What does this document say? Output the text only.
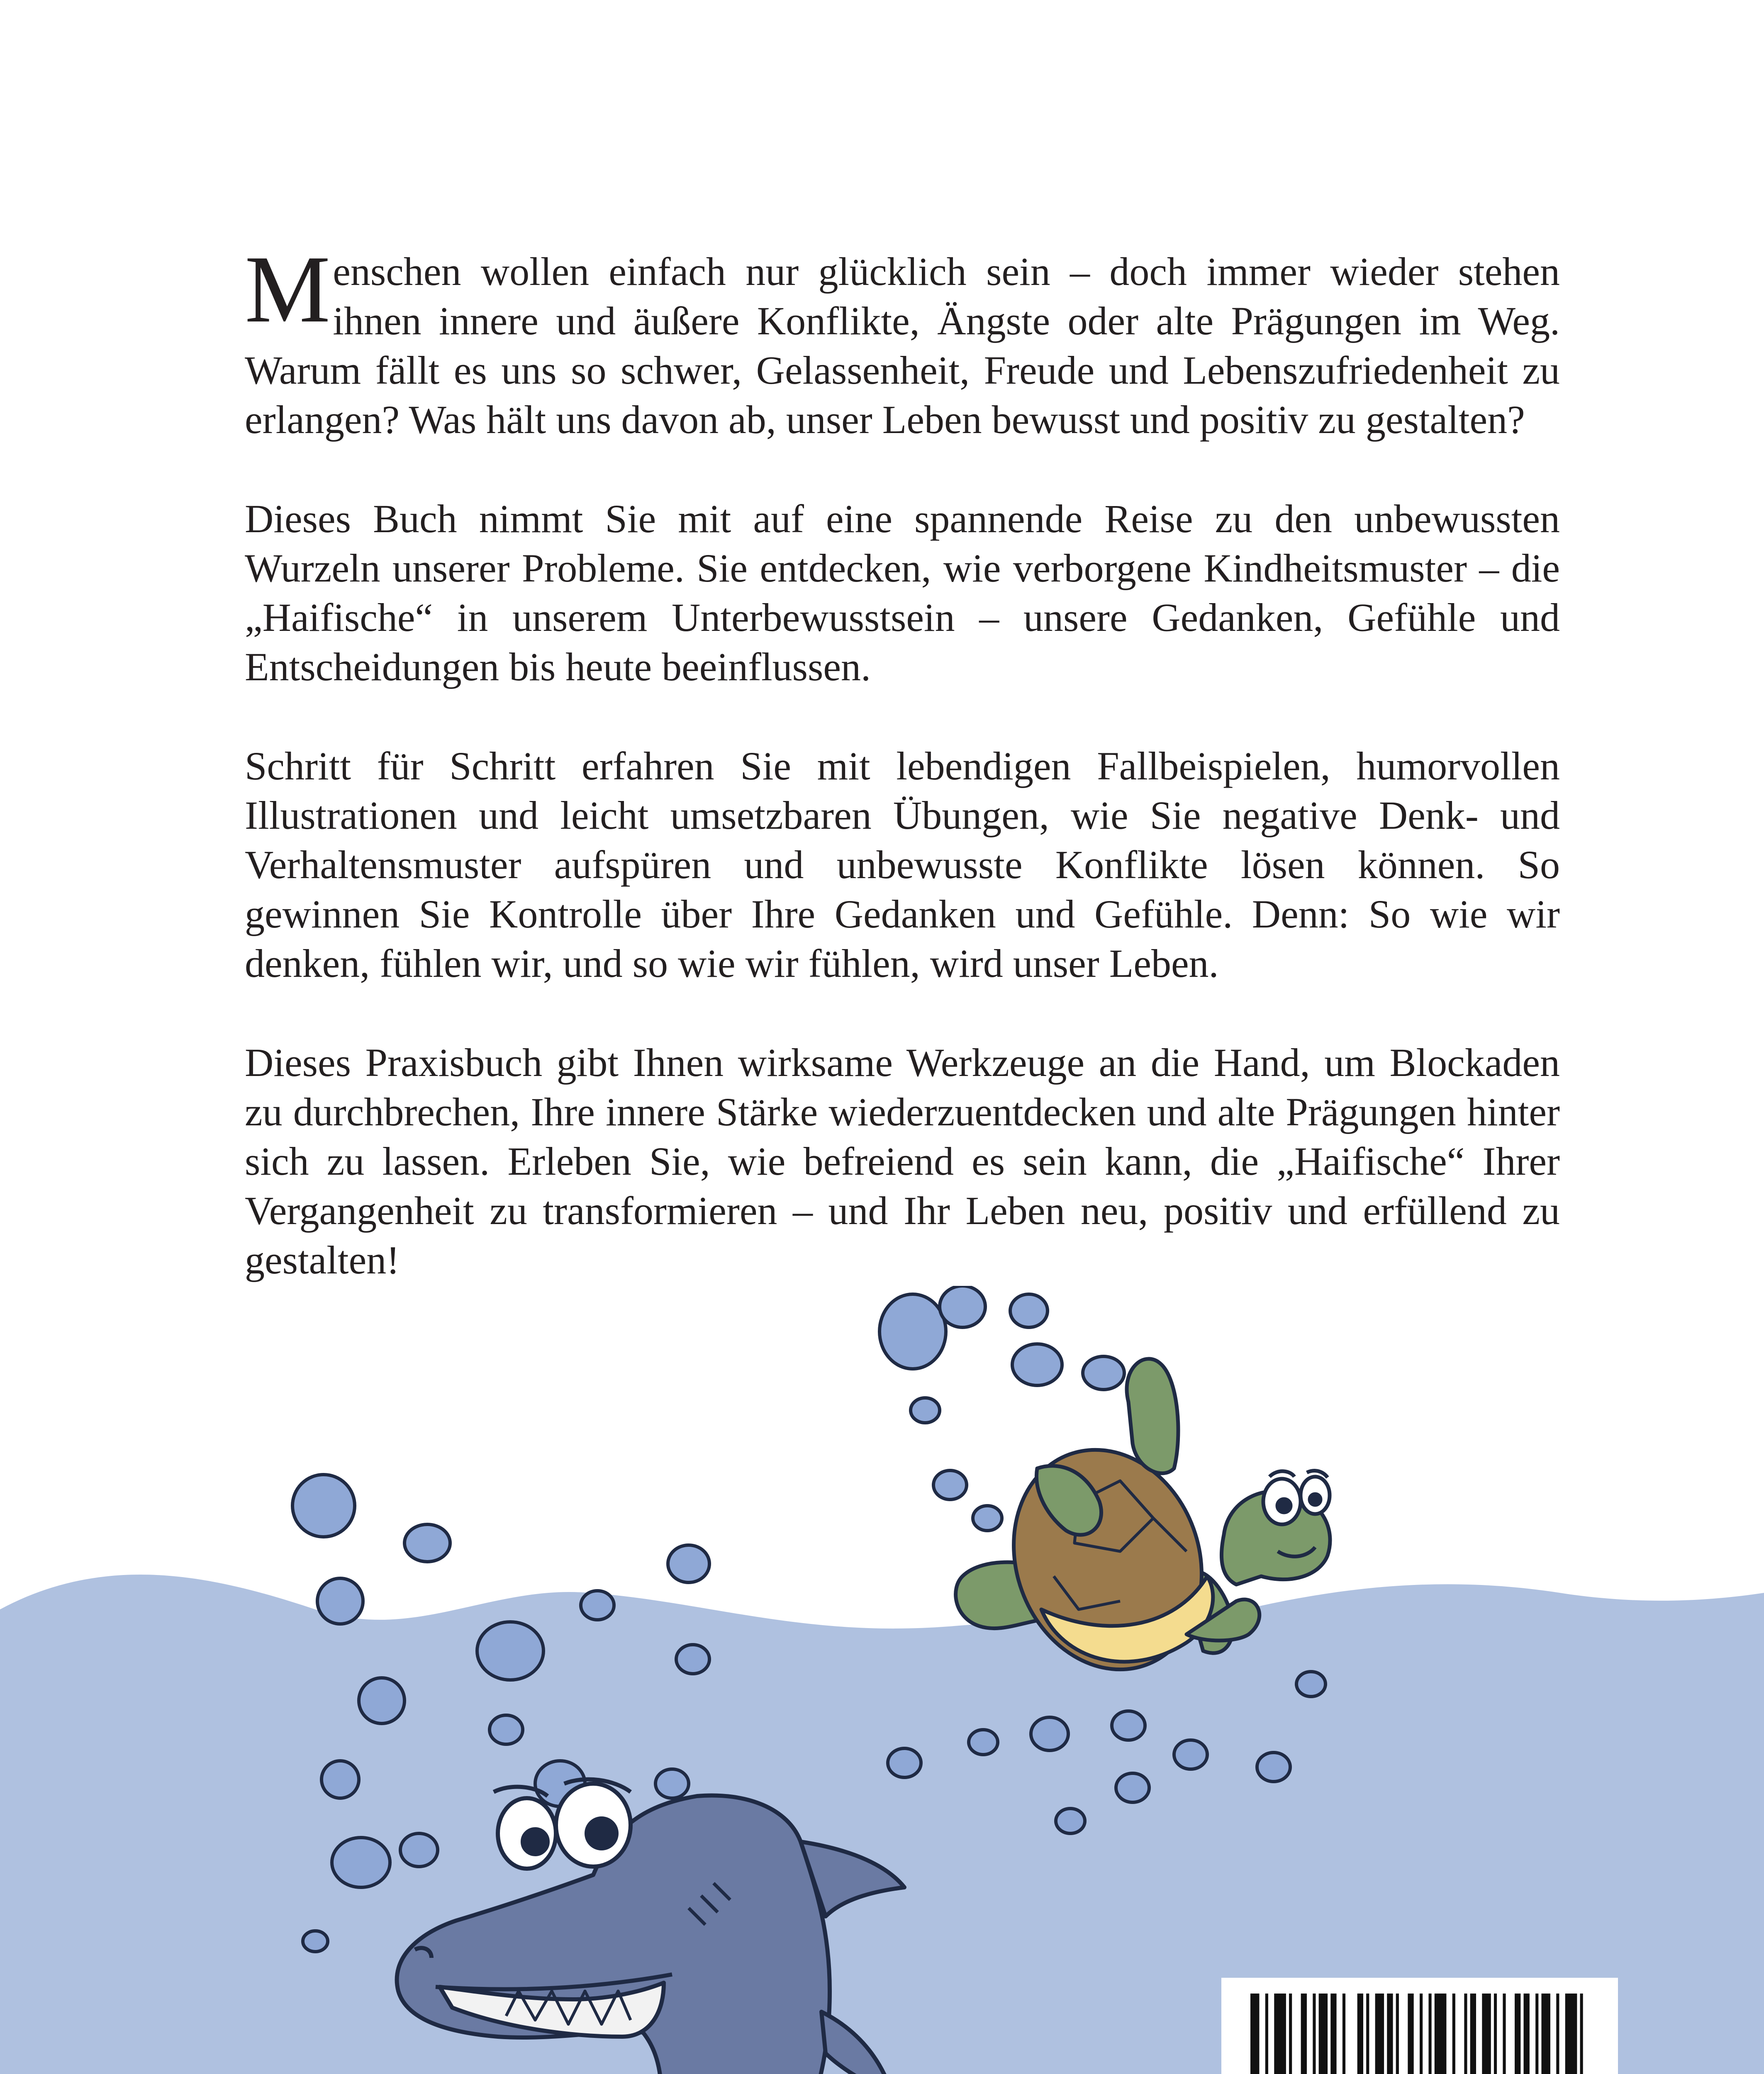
Menschen wollen einfach nur glücklich sein – doch immer wieder stehen ihnen innere und äußere Konflikte, Ängste oder alte Prägungen im Weg. Warum fällt es uns so schwer, Gelassenheit, Freude und Lebenszufriedenheit zu erlangen? Was hält uns davon ab, unser Leben bewusst und positiv zu gestalten?

Dieses Buch nimmt Sie mit auf eine spannende Reise zu den unbewussten Wurzeln unserer Probleme. Sie entdecken, wie verborgene Kindheitsmuster – die „Haifische“ in unserem Unterbewusstsein – unsere Gedanken, Gefühle und Entscheidungen bis heute beeinflussen.

Schritt für Schritt erfahren Sie mit lebendigen Fallbeispielen, humorvollen Illustrationen und leicht umsetzbaren Übungen, wie Sie negative Denk- und Verhaltensmuster aufspüren und unbewusste Konflikte lösen können. So gewinnen Sie Kontrolle über Ihre Gedanken und Gefühle. Denn: So wie wir denken, fühlen wir, und so wie wir fühlen, wird unser Leben.

Dieses Praxisbuch gibt Ihnen wirksame Werkzeuge an die Hand, um Blockaden zu durchbrechen, Ihre innere Stärke wiederzuentdecken und alte Prägungen hinter sich zu lassen. Erleben Sie, wie befreiend es sein kann, die „Haifische“ Ihrer Vergangenheit zu transformieren – und Ihr Leben neu, positiv und erfüllend zu gestalten!
